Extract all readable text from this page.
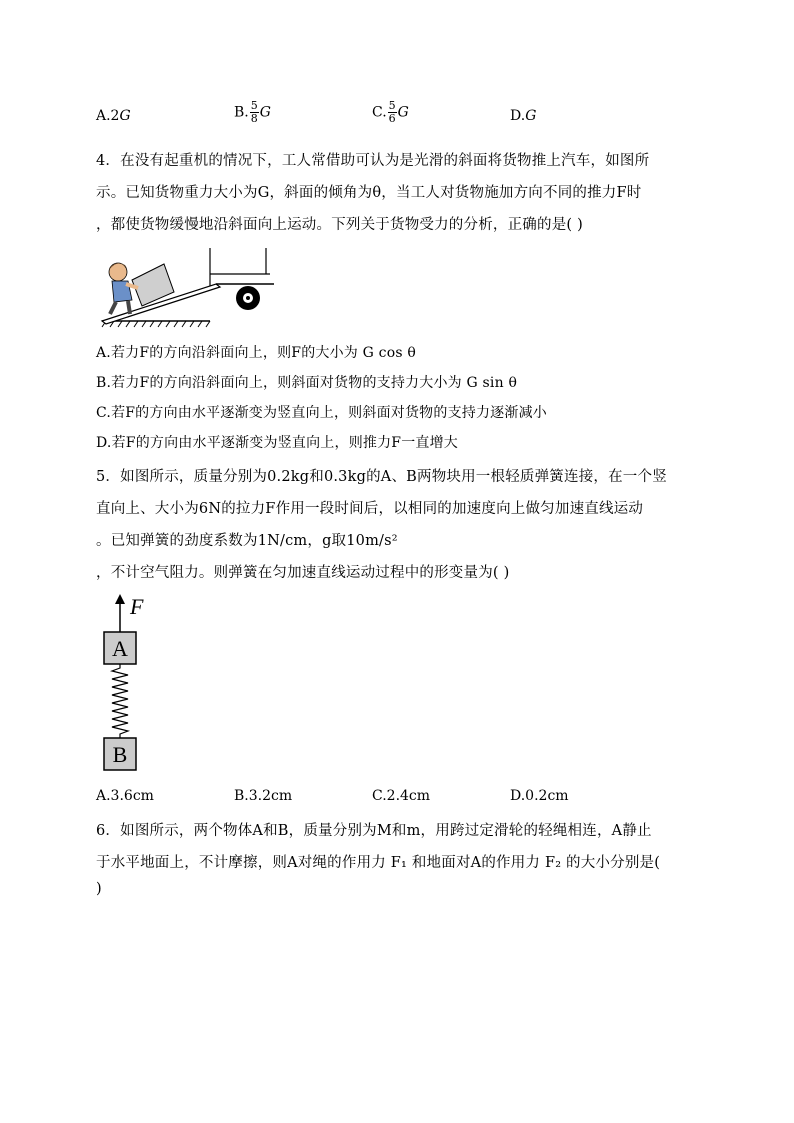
A.2G	B. $\frac{5}{8}$ G	C. $\frac{5}{6}$ G	D.G
4．在没有起重机的情况下，工人常借助可认为是光滑的斜面将货物推上汽车，如图所
示。已知货物重力大小为G，斜面的倾角为θ，当工人对货物施加方向不同的推力F时
，都使货物缓慢地沿斜面向上运动。下列关于货物受力的分析，正确的是( )
A.若力F的方向沿斜面向上，则F的大小为 G cos θ
B.若力F的方向沿斜面向上，则斜面对货物的支持力大小为 G sin θ
C.若F的方向由水平逐渐变为竖直向上，则斜面对货物的支持力逐渐减小
D.若F的方向由水平逐渐变为竖直向上，则推力F一直增大
5．如图所示，质量分别为0.2kg和0.3kg的A、B两物块用一根轻质弹簧连接，在一个竖
直向上、大小为6N的拉力F作用一段时间后，以相同的加速度向上做匀加速直线运动
。已知弹簧的劲度系数为1N/cm，g取10m/s²
，不计空气阻力。则弹簧在匀加速直线运动过程中的形变量为( )
F
A
B
A.3.6cm	B.3.2cm	C.2.4cm	D.0.2cm
6．如图所示，两个物体A和B，质量分别为M和m，用跨过定滑轮的轻绳相连，A静止
于水平地面上，不计摩擦，则A对绳的作用力 F₁ 和地面对A的作用力 F₂ 的大小分别是(
)
